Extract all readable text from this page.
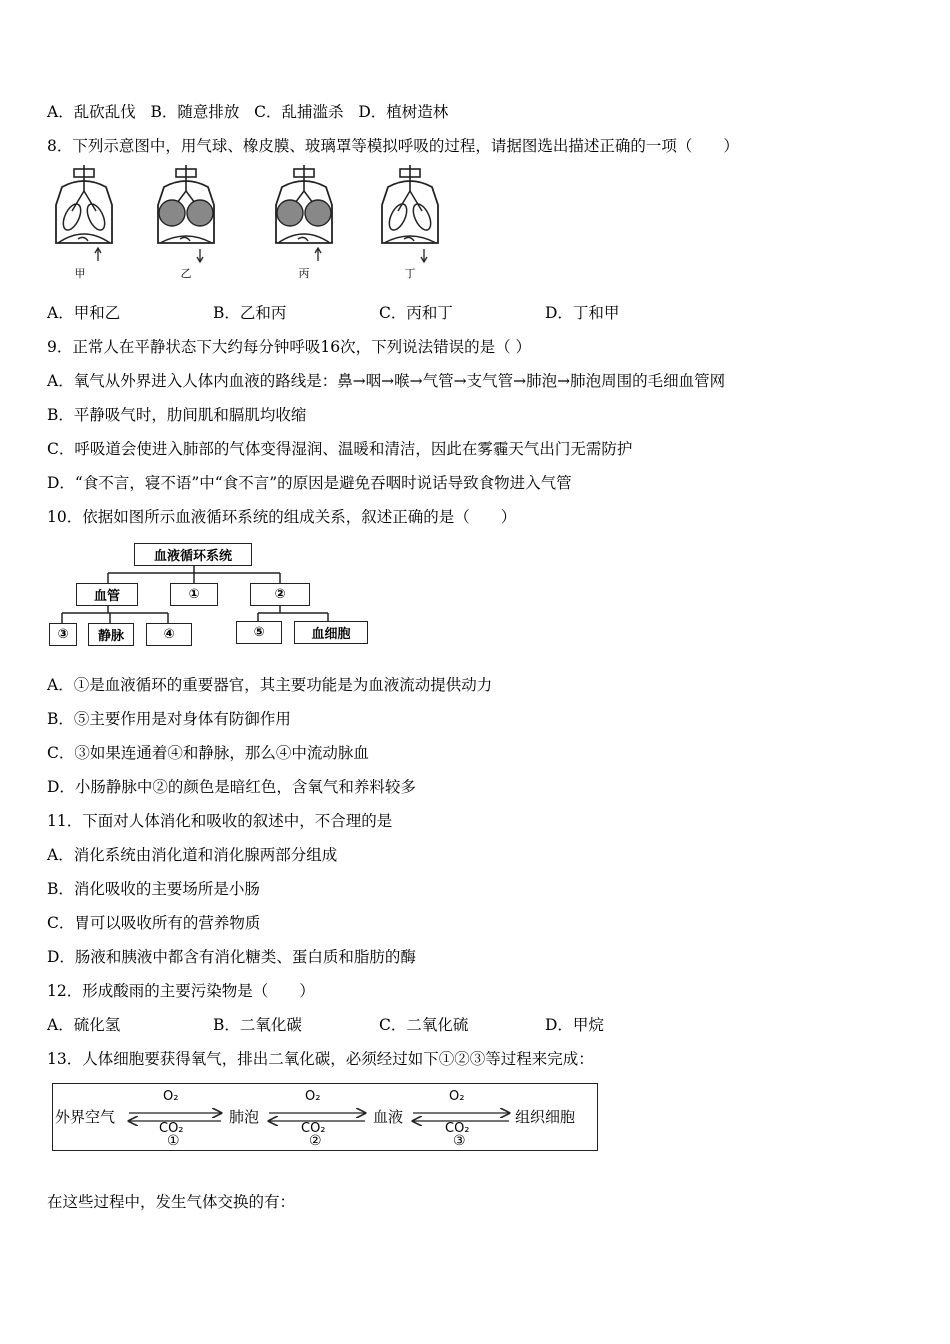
A．乱砍乱伐 B．随意排放 C．乱捕滥杀 D．植树造林
8．下列示意图中，用气球、橡皮膜、玻璃罩等模拟呼吸的过程，请据图选出描述正确的一项（　　）
甲	乙	丙	丁
A．甲和乙	B．乙和丙	C．丙和丁	D．丁和甲
9．正常人在平静状态下大约每分钟呼吸16次，下列说法错误的是（ ）
A．氧气从外界进入人体内血液的路线是：鼻→咽→喉→气管→支气管→肺泡→肺泡周围的毛细血管网
B．平静吸气时，肋间肌和膈肌均收缩
C．呼吸道会使进入肺部的气体变得湿润、温暖和清洁，因此在雾霾天气出门无需防护
D．“食不言，寝不语”中“食不言”的原因是避免吞咽时说话导致食物进入气管
10．依据如图所示血液循环系统的组成关系，叙述正确的是（　　）
血液循环系统
血管	①	②
③	静脉	④	⑤	血细胞
A．①是血液循环的重要器官，其主要功能是为血液流动提供动力
B．⑤主要作用是对身体有防御作用
C．③如果连通着④和静脉，那么④中流动脉血
D．小肠静脉中②的颜色是暗红色，含氧气和养料较多
11．下面对人体消化和吸收的叙述中，不合理的是
A．消化系统由消化道和消化腺两部分组成
B．消化吸收的主要场所是小肠
C．胃可以吸收所有的营养物质
D．肠液和胰液中都含有消化糖类、蛋白质和脂肪的酶
12．形成酸雨的主要污染物是（　　）
A．硫化氢	B．二氧化碳	C．二氧化硫	D．甲烷
13．人体细胞要获得氧气，排出二氧化碳，必须经过如下①②③等过程来完成：
外界空气	肺泡	血液	组织细胞
O₂	O₂	O₂
CO₂	CO₂	CO₂
①	②	③
在这些过程中，发生气体交换的有：
